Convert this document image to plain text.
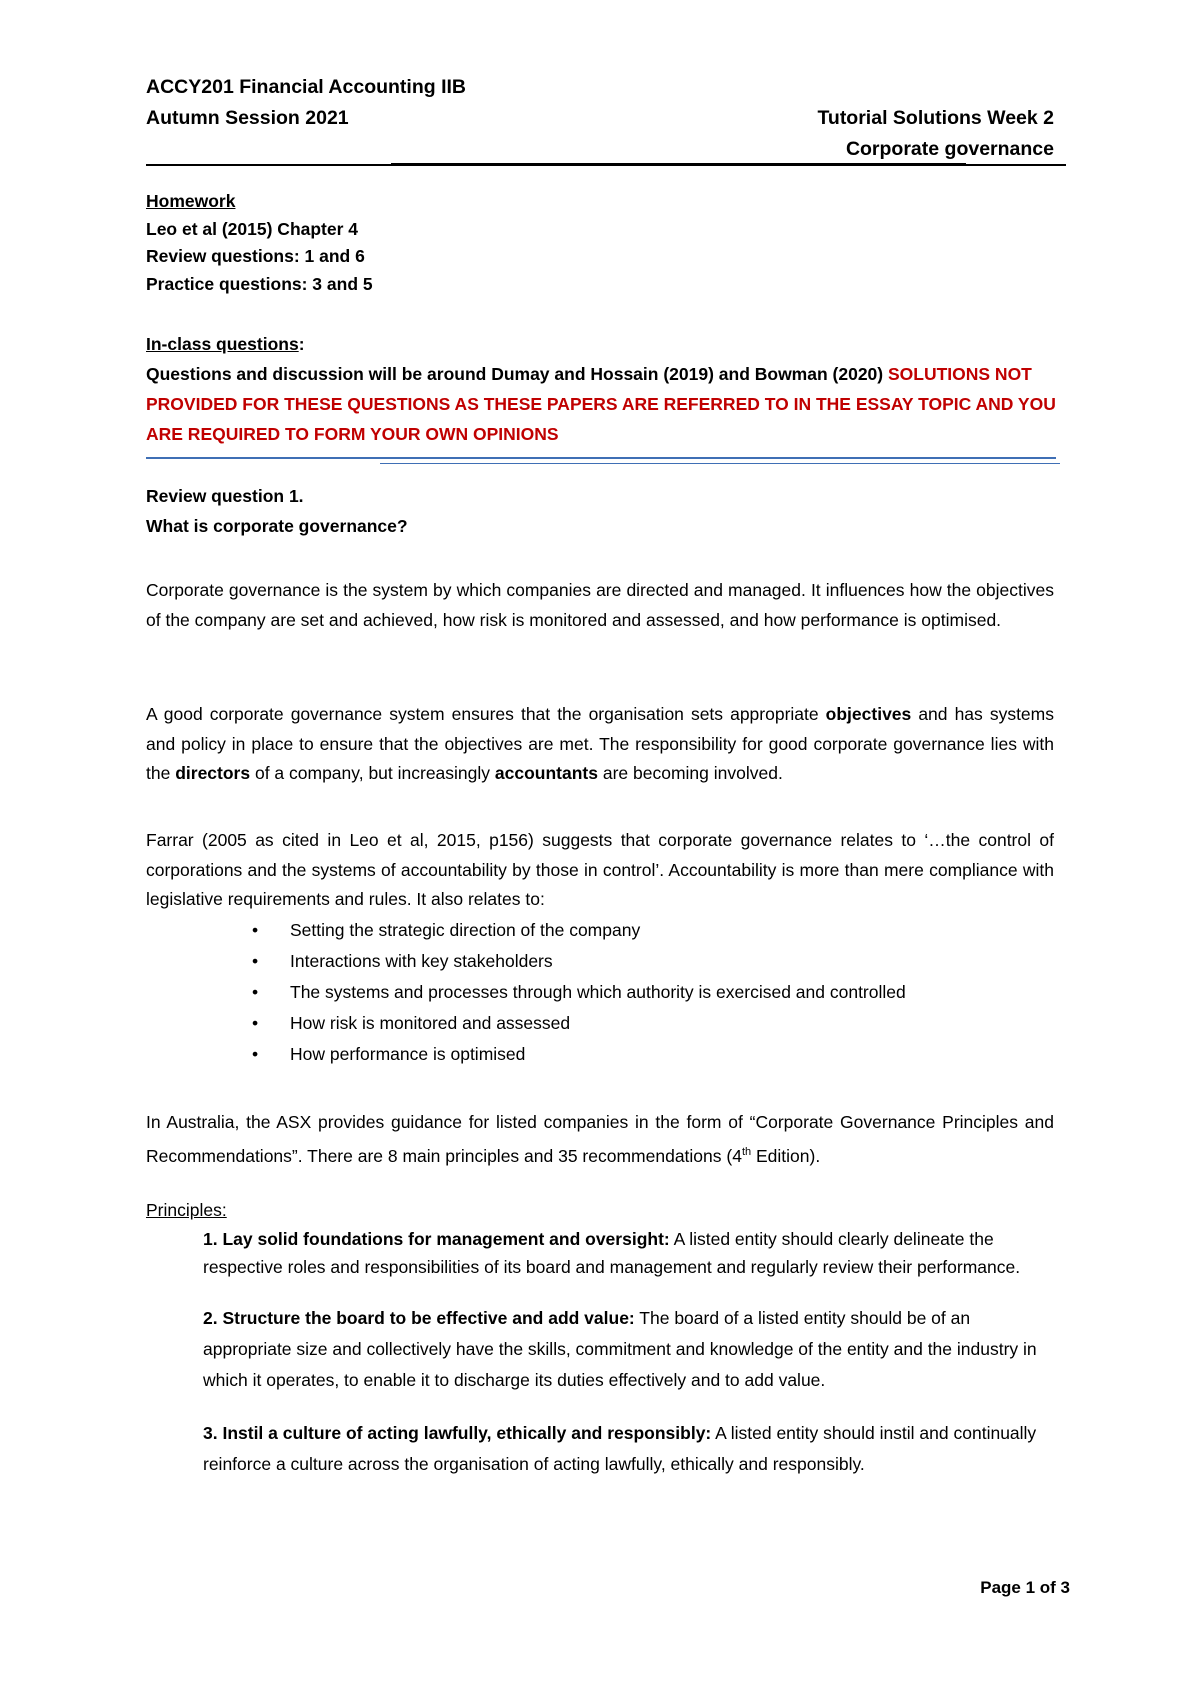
ACCY201 Financial Accounting IIB
Autumn Session 2021	Tutorial Solutions Week 2
Corporate governance
Homework
Leo et al (2015) Chapter 4
Review questions: 1 and 6
Practice questions: 3 and 5
In-class questions:

Questions and discussion will be around Dumay and Hossain (2019) and Bowman (2020) SOLUTIONS NOT PROVIDED FOR THESE QUESTIONS AS THESE PAPERS ARE REFERRED TO IN THE ESSAY TOPIC AND YOU ARE REQUIRED TO FORM YOUR OWN OPINIONS

Review question 1.
What is corporate governance?

Corporate governance is the system by which companies are directed and managed. It influences how the objectives of the company are set and achieved, how risk is monitored and assessed, and how performance is optimised.

A good corporate governance system ensures that the organisation sets appropriate objectives and has systems and policy in place to ensure that the objectives are met. The responsibility for good corporate governance lies with the directors of a company, but increasingly accountants are becoming involved.

Farrar (2005 as cited in Leo et al, 2015, p156) suggests that corporate governance relates to ‘…the control of corporations and the systems of accountability by those in control’. Accountability is more than mere compliance with legislative requirements and rules. It also relates to:

• Setting the strategic direction of the company
• Interactions with key stakeholders
• The systems and processes through which authority is exercised and controlled
• How risk is monitored and assessed
• How performance is optimised

In Australia, the ASX provides guidance for listed companies in the form of “Corporate Governance Principles and Recommendations”. There are 8 main principles and 35 recommendations (4th Edition).

Principles:
1. Lay solid foundations for management and oversight: A listed entity should clearly delineate the respective roles and responsibilities of its board and management and regularly review their performance.
2. Structure the board to be effective and add value: The board of a listed entity should be of an appropriate size and collectively have the skills, commitment and knowledge of the entity and the industry in which it operates, to enable it to discharge its duties effectively and to add value.
3. Instil a culture of acting lawfully, ethically and responsibly: A listed entity should instil and continually reinforce a culture across the organisation of acting lawfully, ethically and responsibly.
Page 1 of 3
